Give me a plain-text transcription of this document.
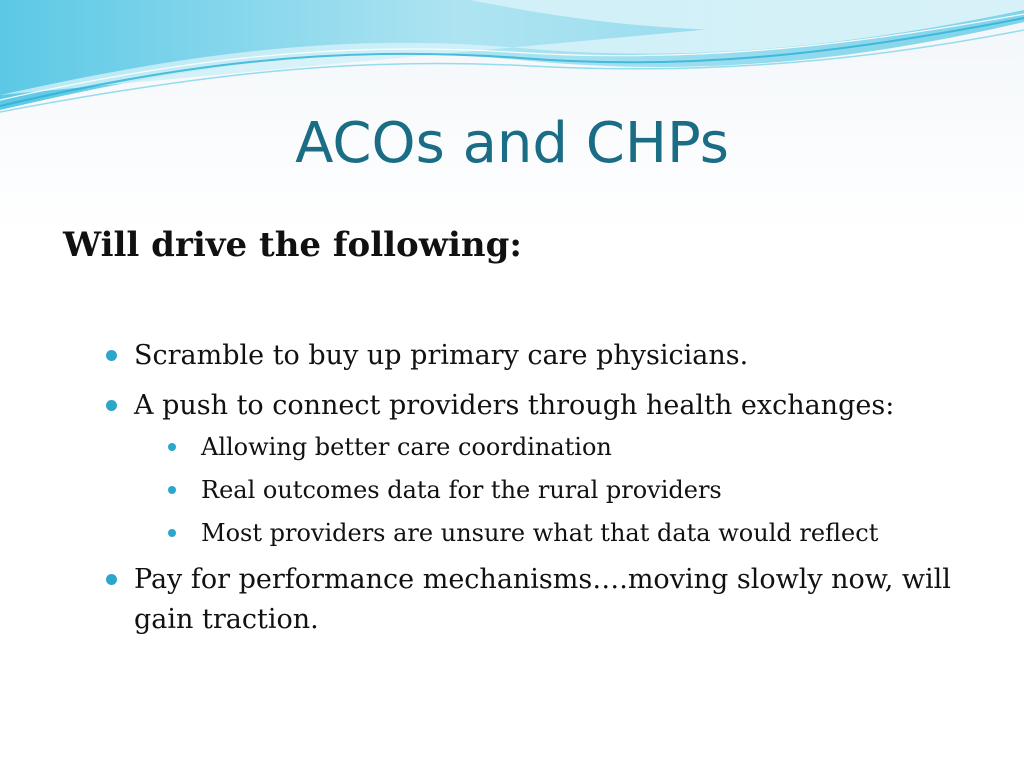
ACOs and CHPs
Will drive the following:
Scramble to buy up primary care physicians.
A push to connect providers through health exchanges:
Allowing better care coordination
Real outcomes data for the rural providers
Most providers are unsure what that data would reflect
Pay for performance mechanisms….moving slowly now, will gain traction.
